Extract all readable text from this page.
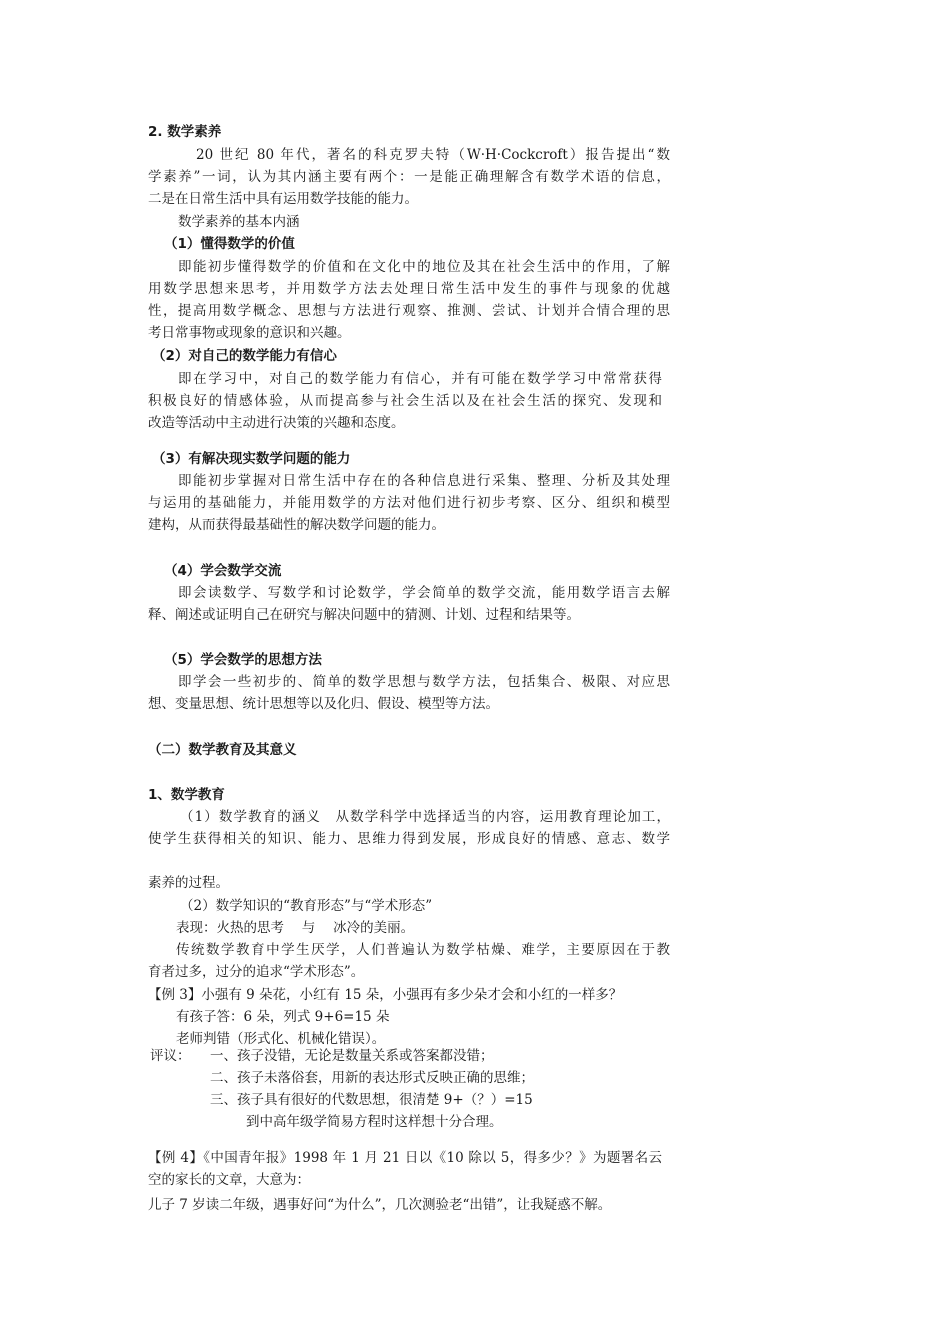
2. 数学素养
20 世纪 80 年代，著名的科克罗夫特（W·H·Cockcroft）报告提出“数
学素养”一词，认为其内涵主要有两个：一是能正确理解含有数学术语的信息，
二是在日常生活中具有运用数学技能的能力。
数学素养的基本内涵
（1）懂得数学的价值
即能初步懂得数学的价值和在文化中的地位及其在社会生活中的作用，了解
用数学思想来思考，并用数学方法去处理日常生活中发生的事件与现象的优越
性，提高用数学概念、思想与方法进行观察、推测、尝试、计划并合情合理的思
考日常事物或现象的意识和兴趣。
（2）对自己的数学能力有信心
即在学习中，对自己的数学能力有信心，并有可能在数学学习中常常获得
积极良好的情感体验，从而提高参与社会生活以及在社会生活的探究、发现和
改造等活动中主动进行决策的兴趣和态度。
（3）有解决现实数学问题的能力
即能初步掌握对日常生活中存在的各种信息进行采集、整理、分析及其处理
与运用的基础能力，并能用数学的方法对他们进行初步考察、区分、组织和模型
建构，从而获得最基础性的解决数学问题的能力。
（4）学会数学交流
即会读数学、写数学和讨论数学，学会简单的数学交流，能用数学语言去解
释、阐述或证明自己在研究与解决问题中的猜测、计划、过程和结果等。
（5）学会数学的思想方法
即学会一些初步的、简单的数学思想与数学方法，包括集合、极限、对应思
想、变量思想、统计思想等以及化归、假设、模型等方法。
（二）数学教育及其意义
1、数学教育
（1）数学教育的涵义　从数学科学中选择适当的内容，运用教育理论加工，
使学生获得相关的知识、能力、思维力得到发展，形成良好的情感、意志、数学
素养的过程。
（2）数学知识的“教育形态”与“学术形态”
表现：火热的思考　 与　 冰冷的美丽。
传统数学教育中学生厌学，人们普遍认为数学枯燥、难学，主要原因在于教
育者过多，过分的追求“学术形态”。
【例 3】小强有 9 朵花，小红有 15 朵，小强再有多少朵才会和小红的一样多？
有孩子答：6 朵，列式 9+6=15 朵
老师判错（形式化、机械化错误）。
评议： 一、孩子没错，无论是数量关系或答案都没错；
二、孩子未落俗套，用新的表达形式反映正确的思维；
三、孩子具有很好的代数思想，很清楚 9+（？）=15
到中高年级学简易方程时这样想十分合理。
【例 4】《中国青年报》1998 年 1 月 21 日以《10 除以 5，得多少？》为题署名云
空的家长的文章，大意为：
儿子 7 岁读二年级，遇事好问“为什么”，几次测验老“出错”，让我疑惑不解。
